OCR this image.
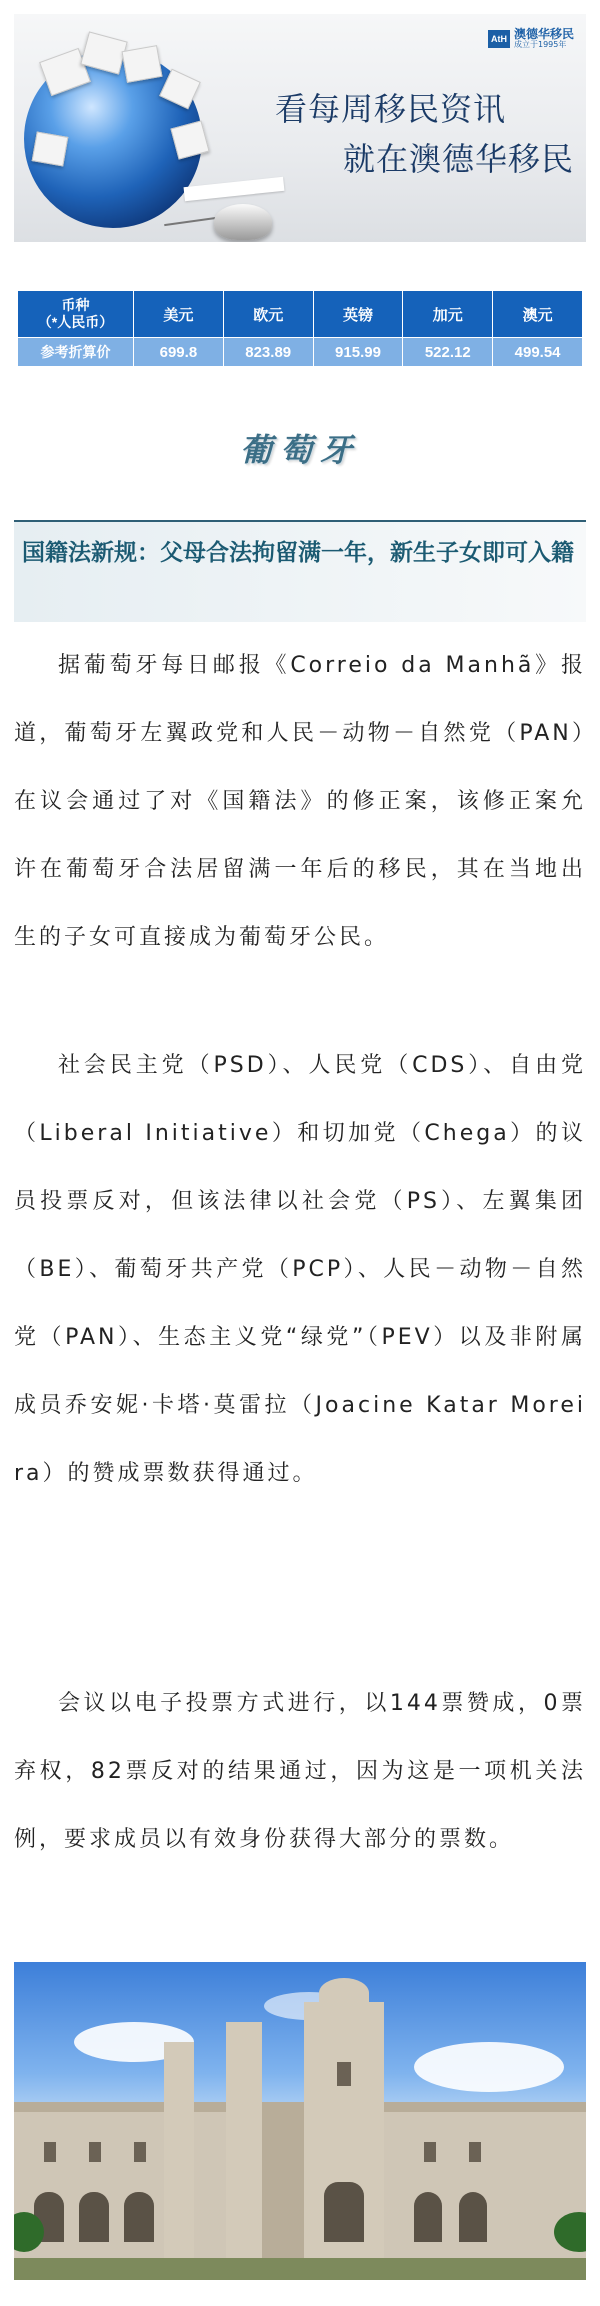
AtH 澳德华移民
成立于1995年
看每周移民资讯
就在澳德华移民
币种
（*人民币）	美元	欧元	英镑	加元	澳元
参考折算价	699.8	823.89	915.99	522.12	499.54
葡萄牙
国籍法新规：父母合法拘留满一年，新生子女即可入籍

据葡萄牙每日邮报《Correio da Manhã》报道，葡萄牙左翼政党和人民－动物－自然党（PAN）在议会通过了对《国籍法》的修正案，该修正案允许在葡萄牙合法居留满一年后的移民，其在当地出生的子女可直接成为葡萄牙公民。

社会民主党（PSD）、人民党（CDS）、自由党（Liberal Initiative）和切加党（Chega）的议员投票反对，但该法律以社会党（PS）、左翼集团（BE）、葡萄牙共产党（PCP）、人民－动物－自然党（PAN）、生态主义党“绿党”（PEV）以及非附属成员乔安妮·卡塔·莫雷拉（Joacine Katar Moreira）的赞成票数获得通过。

会议以电子投票方式进行，以144票赞成，0票弃权，82票反对的结果通过，因为这是一项机关法例，要求成员以有效身份获得大部分的票数。
